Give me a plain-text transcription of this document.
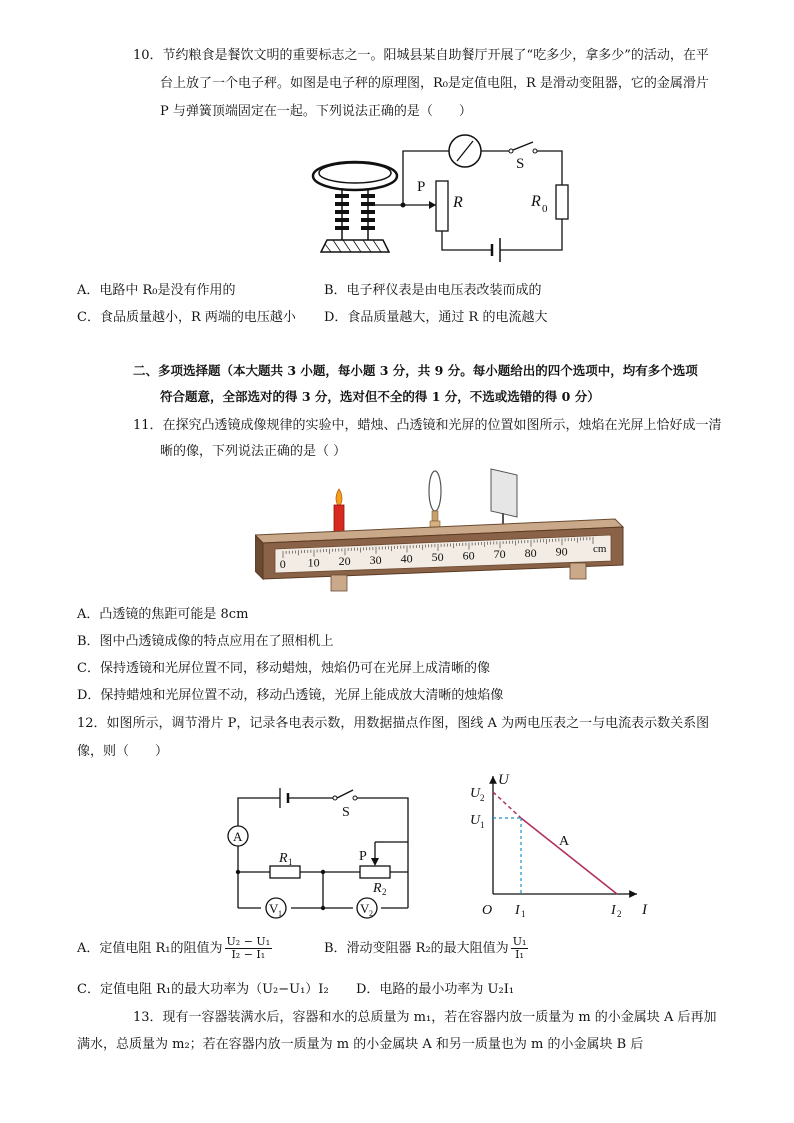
10．节约粮食是餐饮文明的重要标志之一。阳城县某自助餐厅开展了“吃多少，拿多少”的活动，在平
台上放了一个电子秤。如图是电子秤的原理图，R₀是定值电阻，R 是滑动变阻器，它的金属滑片
P 与弹簧顶端固定在一起。下列说法正确的是（　　）
P
R
S
R 0
A．电路中 R₀是没有作用的	B．电子秤仪表是由电压表改装而成的
C．食品质量越小，R 两端的电压越小 D．食品质量越大，通过 R 的电流越大
二、多项选择题（本大题共 3 小题，每小题 3 分，共 9 分。每小题给出的四个选项中，均有多个选项
符合题意，全部选对的得 3 分，选对但不全的得 1 分，不选或选错的得 0 分）
11．在探究凸透镜成像规律的实验中，蜡烛、凸透镜和光屏的位置如图所示，烛焰在光屏上恰好成一清
晰的像，下列说法正确的是（ ）
0 10 20 30 40 50 60 70 80 90 cm
A．凸透镜的焦距可能是 8cm
B．图中凸透镜成像的特点应用在了照相机上
C．保持透镜和光屏位置不同，移动蜡烛，烛焰仍可在光屏上成清晰的像
D．保持蜡烛和光屏位置不动，移动凸透镜，光屏上能成放大清晰的烛焰像
12．如图所示，调节滑片 P，记录各电表示数，用数据描点作图，图线 A 为两电压表之一与电流表示数关系图
像，则（　　）
S
A
R 1	P
R 2
V 1	V 2
U
U 2
U 1
A
O I 1	I 2 I
A．定值电阻 R₁的阻值为 $\frac{\text{U₂ − U₁}}{\text{I₂ − I₁}}$	B．滑动变阻器 R₂的最大阻值为 $\frac{\text{U₁}}{\text{I₁}}$
C．定值电阻 R₁的最大功率为（U₂−U₁）I₂ D．电路的最小功率为 U₂I₁
13．现有一容器装满水后，容器和水的总质量为 m₁，若在容器内放一质量为 m 的小金属块 A 后再加
满水，总质量为 m₂；若在容器内放一质量为 m 的小金属块 A 和另一质量也为 m 的小金属块 B 后
